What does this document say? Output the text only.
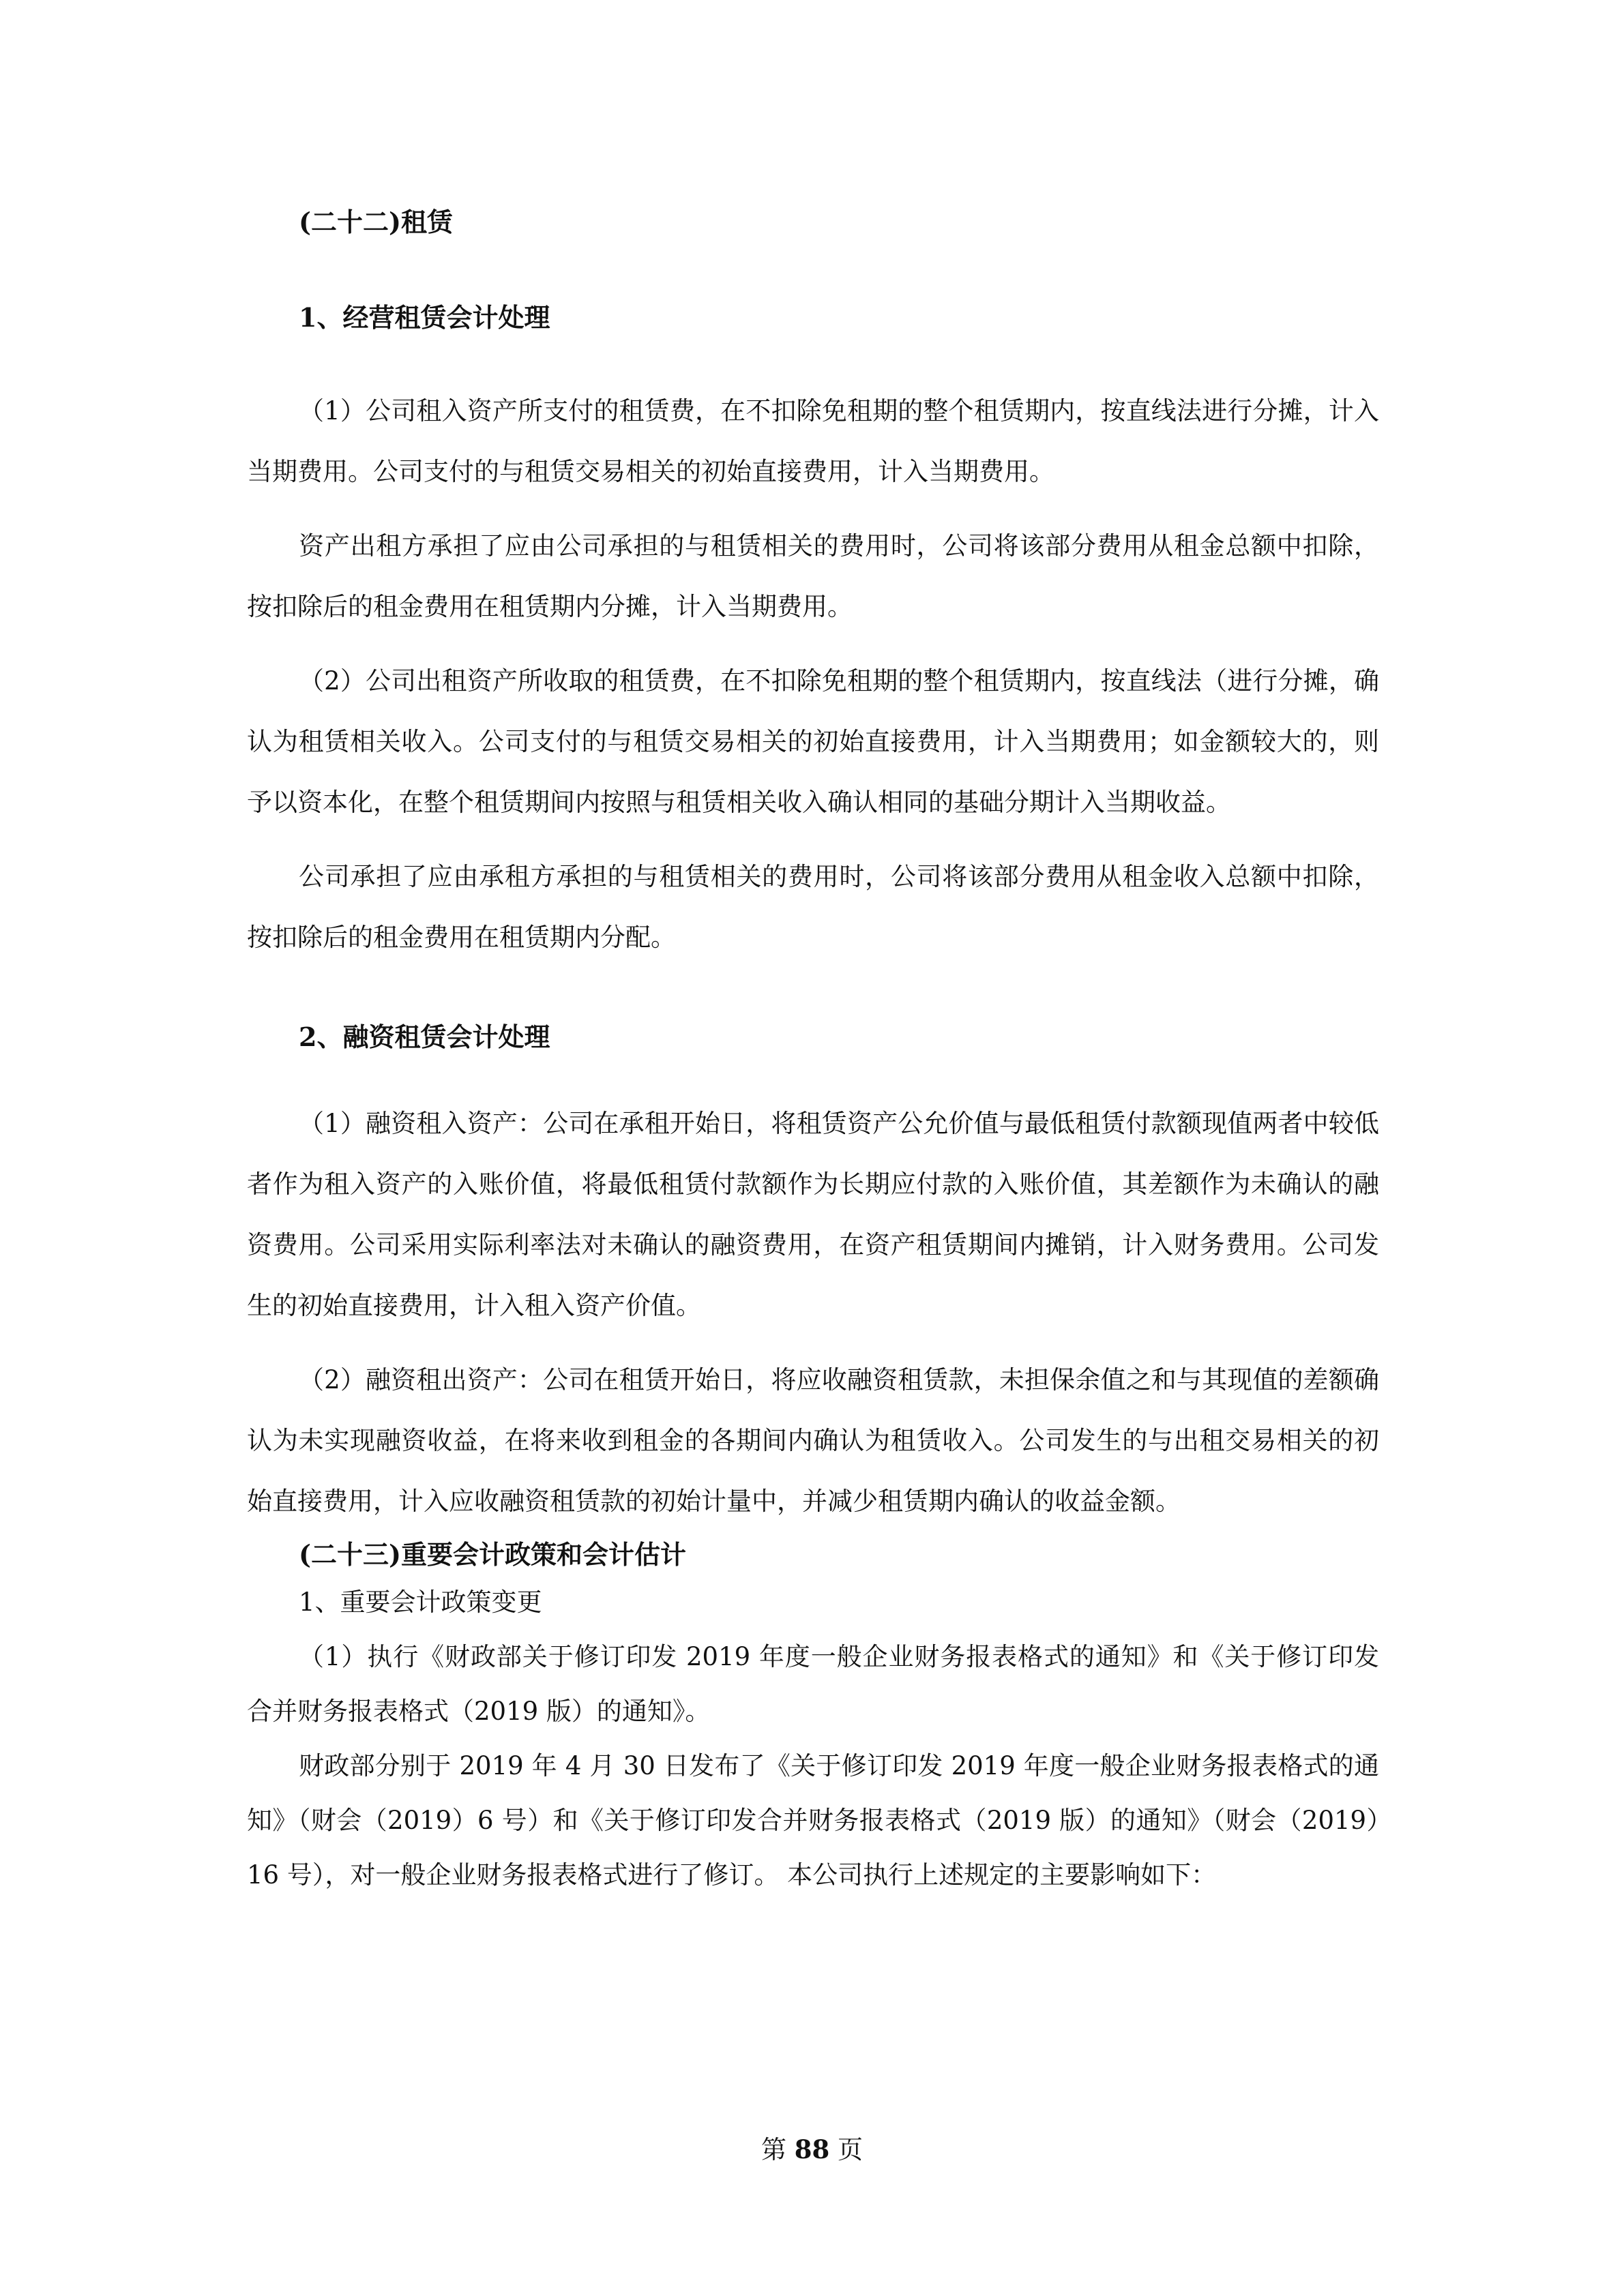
(二十二)租赁
1、经营租赁会计处理

（1）公司租入资产所支付的租赁费，在不扣除免租期的整个租赁期内，按直线法进行分摊，计入当期费用。公司支付的与租赁交易相关的初始直接费用，计入当期费用。

资产出租方承担了应由公司承担的与租赁相关的费用时，公司将该部分费用从租金总额中扣除，按扣除后的租金费用在租赁期内分摊，计入当期费用。

（2）公司出租资产所收取的租赁费，在不扣除免租期的整个租赁期内，按直线法（进行分摊，确认为租赁相关收入。公司支付的与租赁交易相关的初始直接费用，计入当期费用；如金额较大的，则予以资本化，在整个租赁期间内按照与租赁相关收入确认相同的基础分期计入当期收益。

公司承担了应由承租方承担的与租赁相关的费用时，公司将该部分费用从租金收入总额中扣除，按扣除后的租金费用在租赁期内分配。

2、融资租赁会计处理

（1）融资租入资产：公司在承租开始日，将租赁资产公允价值与最低租赁付款额现值两者中较低者作为租入资产的入账价值，将最低租赁付款额作为长期应付款的入账价值，其差额作为未确认的融资费用。公司采用实际利率法对未确认的融资费用，在资产租赁期间内摊销，计入财务费用。公司发生的初始直接费用，计入租入资产价值。

（2）融资租出资产：公司在租赁开始日，将应收融资租赁款，未担保余值之和与其现值的差额确认为未实现融资收益，在将来收到租金的各期间内确认为租赁收入。公司发生的与出租交易相关的初始直接费用，计入应收融资租赁款的初始计量中，并减少租赁期内确认的收益金额。

(二十三)重要会计政策和会计估计

1、重要会计政策变更

（1）执行《财政部关于修订印发 2019 年度一般企业财务报表格式的通知》和《关于修订印发合并财务报表格式（2019 版）的通知》。

财政部分别于 2019 年 4 月 30 日发布了《关于修订印发 2019 年度一般企业财务报表格式的通知》（财会（2019）6 号）和《关于修订印发合并财务报表格式（2019 版）的通知》（财会（2019）16 号），对一般企业财务报表格式进行了修订。 本公司执行上述规定的主要影响如下：

第 88 页
